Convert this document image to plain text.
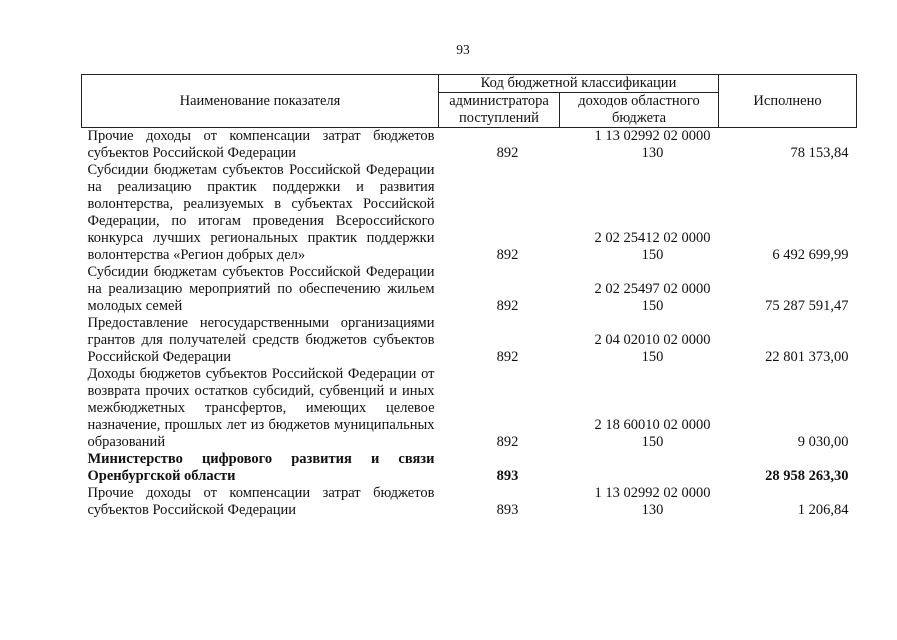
93
Наименование показателя	Код бюджетной классификации		Исполнено
	администратора поступлений	доходов областного бюджета	
Прочие доходы от компенсации затрат бюджетов субъектов Российской Федерации	892	1 13 02992 02 0000 130	78 153,84
Субсидии бюджетам субъектов Российской Федерации на реализацию практик поддержки и развития волонтерства, реализуемых в субъектах Российской Федерации, по итогам проведения Всероссийского конкурса лучших региональных практик поддержки волонтерства «Регион добрых дел»	892	2 02 25412 02 0000 150	6 492 699,99
Субсидии бюджетам субъектов Российской Федерации на реализацию мероприятий по обеспечению жильем молодых семей	892	2 02 25497 02 0000 150	75 287 591,47
Предоставление негосударственными организациями грантов для получателей средств бюджетов субъектов Российской Федерации	892	2 04 02010 02 0000 150	22 801 373,00
Доходы бюджетов субъектов Российской Федерации от возврата прочих остатков субсидий, субвенций и иных межбюджетных трансфертов, имеющих целевое назначение, прошлых лет из бюджетов муниципальных образований	892	2 18 60010 02 0000 150	9 030,00
Министерство цифрового развития и связи Оренбургской области	893		28 958 263,30
Прочие доходы от компенсации затрат бюджетов субъектов Российской Федерации	893	1 13 02992 02 0000 130	1 206,84
